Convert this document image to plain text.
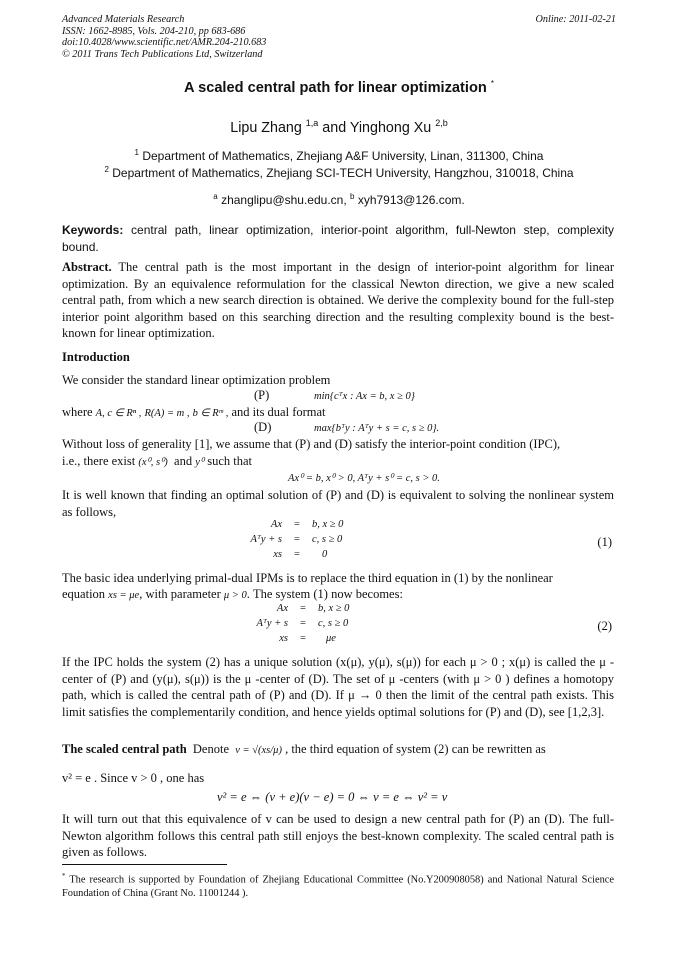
Advanced Materials Research
ISSN: 1662-8985, Vols. 204-210, pp 683-686
doi:10.4028/www.scientific.net/AMR.204-210.683
© 2011 Trans Tech Publications Ltd, Switzerland
Online: 2011-02-21
A scaled central path for linear optimization *
Lipu Zhang $^{1,a}$ and Yinghong Xu $^{2,b}$
$^1$ Department of Mathematics, Zhejiang A&F University, Linan, 311300, China
$^2$ Department of Mathematics, Zhejiang SCI-TECH University, Hangzhou, 310018, China
$^a$ zhanglipu@shu.edu.cn, $^b$ xyh7913@126.com.
Keywords: central path, linear optimization, interior-point algorithm, full-Newton step, complexity bound.

Abstract. The central path is the most important in the design of interior-point algorithm for linear optimization. By an equivalence reformulation for the classical Newton direction, we give a new scaled central path, from which a new search direction is obtained. We derive the complexity bound for the full-step interior point algorithm based on this searching direction and the resulting complexity bound is the best-known for linear optimization.

Introduction
We consider the standard linear optimization problem
(P)	min{cᵀx : Ax = b, x ≥ 0}
where A, c ∈ Rⁿ , R(A) = m , b ∈ Rᵐ , and its dual format
(D)	max{bᵀy : Aᵀy + s = c, s ≥ 0}.
Without loss of generality [1], we assume that (P) and (D) satisfy the interior-point condition (IPC),
i.e., there exist (x⁰, s⁰) and y⁰ such that
Ax⁰ = b, x⁰ > 0, Aᵀy + s⁰ = c, s > 0.

It is well known that finding an optimal solution of (P) and (D) is equivalent to solving the nonlinear system as follows,

Ax = b, x ≥ 0
Aᵀy + s = c, s ≥ 0
xs = 0
(1)
The basic idea underlying primal-dual IPMs is to replace the third equation in (1) by the nonlinear
equation xs = μe, with parameter μ > 0. The system (1) now becomes:
Ax = b, x ≥ 0
Aᵀy + s = c, s ≥ 0
xs = μe
(2)

If the IPC holds the system (2) has a unique solution (x(μ), y(μ), s(μ)) for each μ > 0 ; x(μ) is called the μ -center of (P) and (y(μ), s(μ)) is the μ -center of (D). The set of μ -centers (with μ > 0 ) defines a homotopy path, which is called the central path of (P) and (D). If μ → 0 then the limit of the central path exists. This limit satisfies the complementarily condition, and hence yields optimal solutions for (P) and (D), see [1,2,3].

The scaled central path Denote v = √(xs/μ) , the third equation of system (2) can be rewritten as
v² = e . Since v > 0 , one has
v² = e ⇔ (v + e)(v − e) = 0 ⇔ v = e ⇔ v² = v

It will turn out that this equivalence of v can be used to design a new central path for (P) an (D). The full-Newton algorithm follows this central path still enjoys the best-known complexity. The scaled central path is given as follows.

* The research is supported by Foundation of Zhejiang Educational Committee (No.Y200908058) and National Natural Science Foundation of China (Grant No. 11001244 ).
